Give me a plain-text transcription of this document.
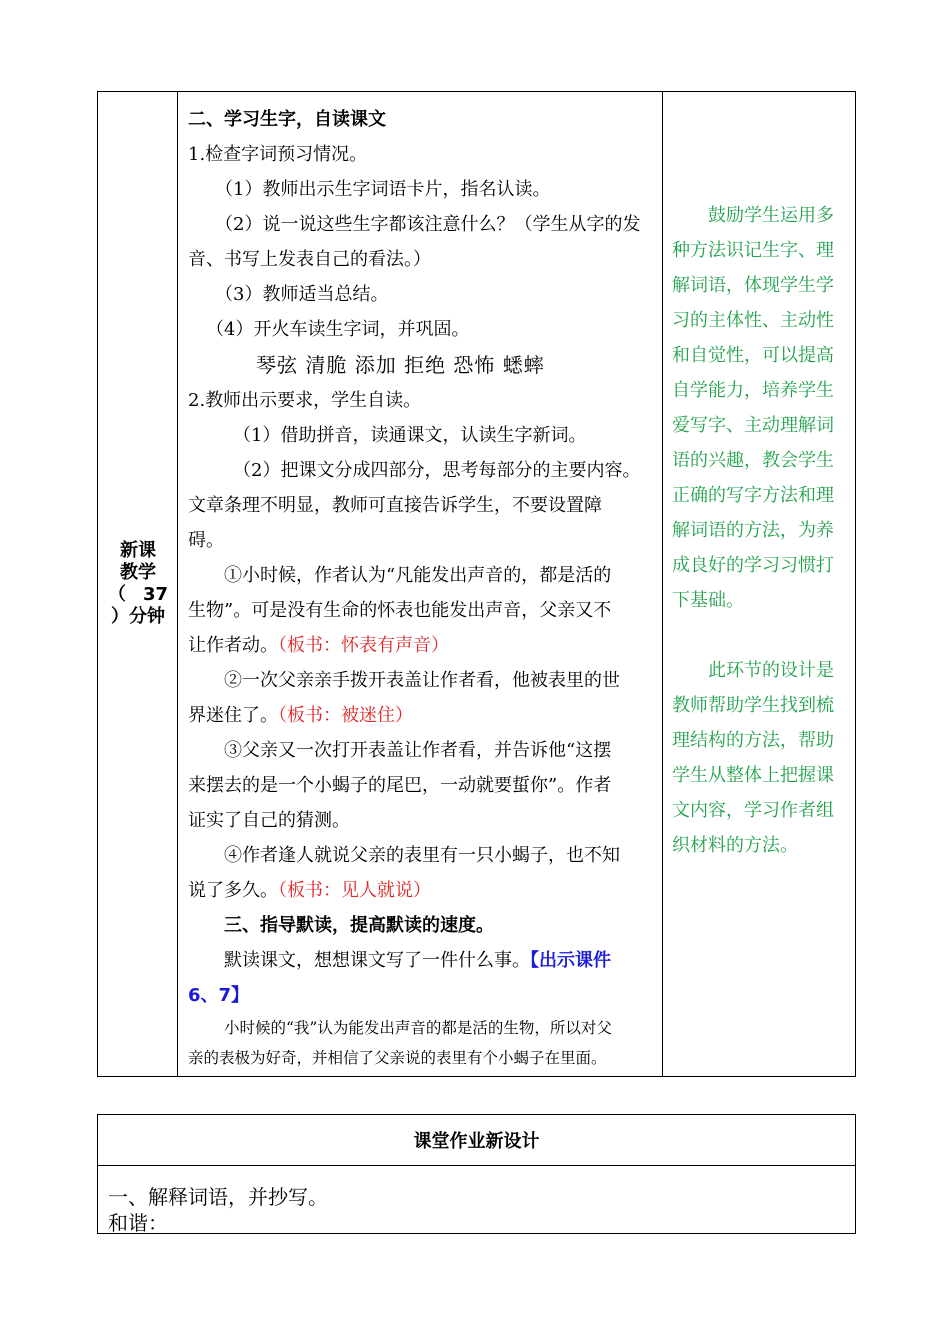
新课
教学
（ 37
）分钟
二、学习生字，自读课文
1.检查字词预习情况。
（1）教师出示生字词语卡片，指名认读。
（2）说一说这些生字都该注意什么？（学生从字的发
音、书写上发表自己的看法。）
（3）教师适当总结。
（4）开火车读生字词，并巩固。
琴弦 清脆 添加 拒绝 恐怖 蟋蟀
2.教师出示要求，学生自读。
（1）借助拼音，读通课文，认读生字新词。
（2）把课文分成四部分，思考每部分的主要内容。
文章条理不明显，教师可直接告诉学生，不要设置障
碍。
①小时候，作者认为“凡能发出声音的，都是活的
生物”。可是没有生命的怀表也能发出声音，父亲又不
让作者动。（板书：怀表有声音）
②一次父亲亲手拨开表盖让作者看，他被表里的世
界迷住了。（板书：被迷住）
③父亲又一次打开表盖让作者看，并告诉他“这摆
来摆去的是一个小蝎子的尾巴，一动就要蜇你”。作者
证实了自己的猜测。
④作者逢人就说父亲的表里有一只小蝎子，也不知
说了多久。（板书：见人就说）
三、指导默读，提高默读的速度。
默读课文，想想课文写了一件什么事。【出示课件
6、7】
小时候的“我”认为能发出声音的都是活的生物，所以对父
亲的表极为好奇，并相信了父亲说的表里有个小蝎子在里面。
鼓励学生运用多
种方法识记生字、理
解词语，体现学生学
习的主体性、主动性
和自觉性，可以提高
自学能力，培养学生
爱写字、主动理解词
语的兴趣，教会学生
正确的写字方法和理
解词语的方法，为养
成良好的学习习惯打
下基础。
此环节的设计是
教师帮助学生找到梳
理结构的方法，帮助
学生从整体上把握课
文内容，学习作者组
织材料的方法。
课堂作业新设计
一、解释词语，并抄写。
和谐：
